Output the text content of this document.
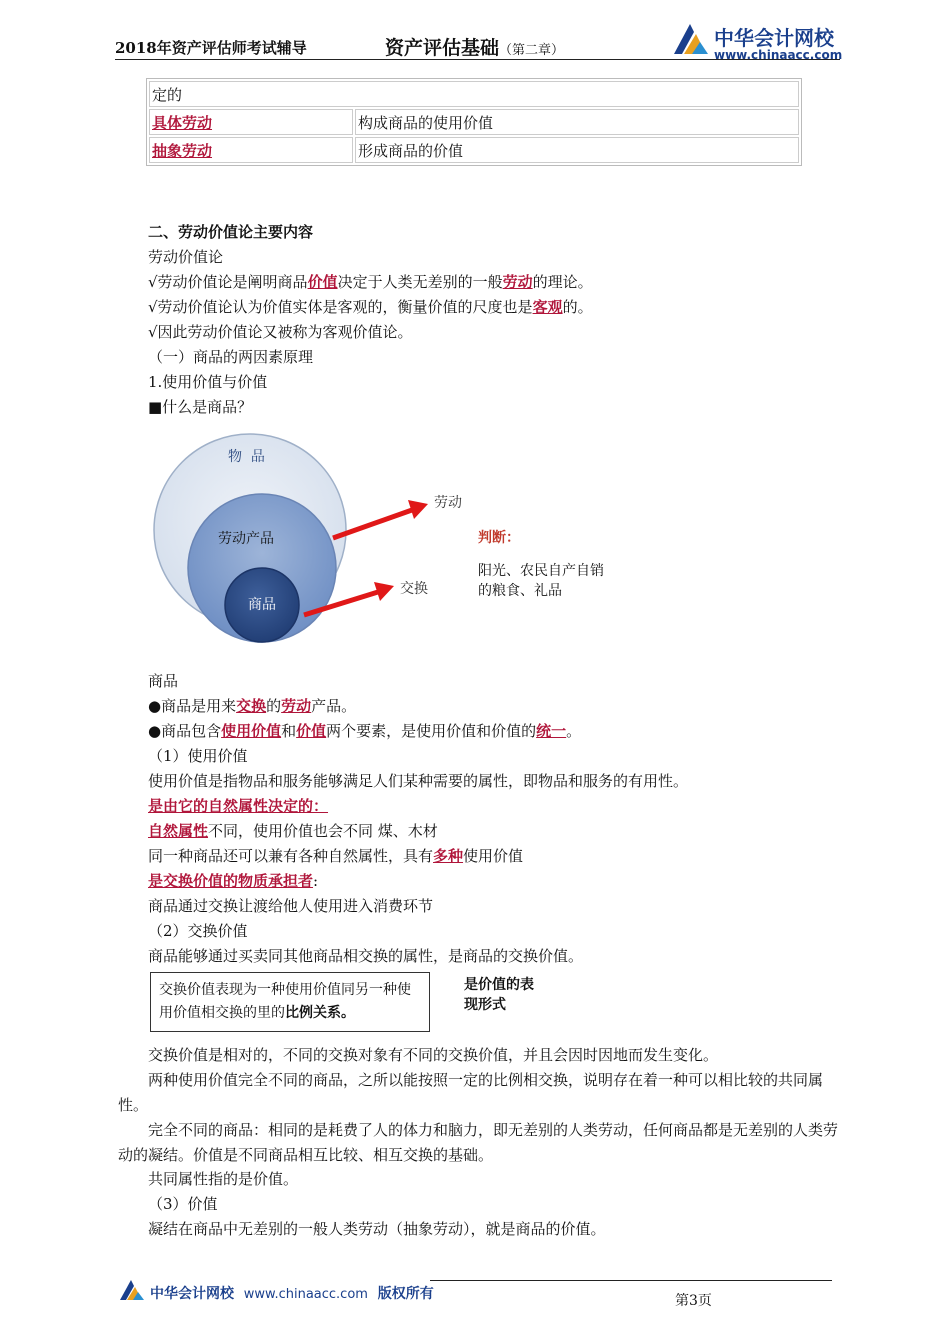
2018年资产评估师考试辅导	资产评估基础（第二章）
中华会计网校
www.chinaacc.com
定的	
具体劳动	构成商品的使用价值
抽象劳动	形成商品的价值
二、劳动价值论主要内容
劳动价值论
√劳动价值论是阐明商品价值决定于人类无差别的一般劳动的理论。
√劳动价值论认为价值实体是客观的，衡量价值的尺度也是客观的。
√因此劳动价值论又被称为客观价值论。
（一）商品的两因素原理
1.使用价值与价值
■什么是商品？
物  品
劳动产品
商品
劳动
交换
判断：
阳光、农民自产自销
的粮食、礼品
商品
●商品是用来交换的劳动产品。
●商品包含使用价值和价值两个要素，是使用价值和价值的统一。
（1）使用价值
使用价值是指物品和服务能够满足人们某种需要的属性，即物品和服务的有用性。
是由它的自然属性决定的：
自然属性不同，使用价值也会不同 煤、木材
同一种商品还可以兼有各种自然属性，具有多种使用价值
是交换价值的物质承担者:
商品通过交换让渡给他人使用进入消费环节
（2）交换价值
商品能够通过买卖同其他商品相交换的属性，是商品的交换价值。
交换价值表现为一种使用价值同另一种使
用价值相交换的里的比例关系。
是价值的表
现形式
交换价值是相对的，不同的交换对象有不同的交换价值，并且会因时因地而发生变化。
两种使用价值完全不同的商品，之所以能按照一定的比例相交换，说明存在着一种可以相比较的共同属性。
完全不同的商品：相同的是耗费了人的体力和脑力，即无差别的人类劳动，任何商品都是无差别的人类劳动的凝结。价值是不同商品相互比较、相互交换的基础。
共同属性指的是价值。
（3）价值
凝结在商品中无差别的一般人类劳动（抽象劳动），就是商品的价值。
中华会计网校 www.chinaacc.com 版权所有	第3页
